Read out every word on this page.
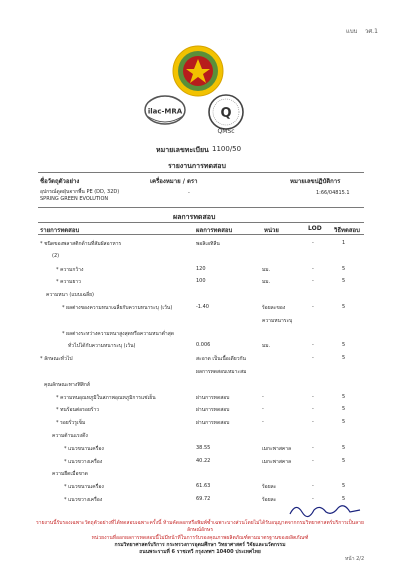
แบบ วศ.1
ilac-MRA	Q
QMSc
หมายเลขทะเบียน 1100/50
รายงานการทดสอบ
ชื่อวัตถุตัวอย่าง	เครื่องหมาย / ตรา	หมายเลขปฏิบัติการ
อุปกรณ์ดูดฝุ่นจากพื้น PE (DD, 32D)
SPRING GREEN EVOLUTION
-	1:66/04815.1
ผลการทดสอบ
รายการทดสอบ	ผลการทดสอบ	หน่วย	LOD วิธีทดสอบ
* ชนิดของพลาสติกด้านที่สัมผัสอาหาร	พอลิเอทิลีน	-	1
(2)
* ความกว้าง	120	มม.	-	5
* ความยาว	100	มม.	-	5
ความหนา (แบบเฉลี่ย)
* ผลต่างของความหนาเฉลี่ยกับความหนาระบุ (เว้น)	-1.40	ร้อยละของ	-	5
ความหนาระบุ
* ผลต่างระหว่างความหนาสูงสุดหรือความหนาต่ำสุด
ทั่วไปได้กับความหนาระบุ (เว้น)	0.006	มม.	-	5
* ลักษณะทั่วไป	สะอาด เป็นเนื้อเดียวกัน	-	5
ผลการทดสอบเหมาะสม
คุณลักษณะทางฟิสิกส์
* ความทนอุณหภูมิในสภาพอุณหภูมิการแช่เย็น	ผ่านการทดสอบ	-	-	5
* ทนร้อนต่อรอยร้าว	ผ่านการทดสอบ	-	-	5
* รอยรั่วรูเข็ม	ผ่านการทดสอบ	-	-	5
ความต้านแรงดึง
* แนวขนานเครื่อง	38.55	เมกะพาสคาล	-	5
* แนวขวางเครื่อง	40.22	เมกะพาสคาล	-	5
ความยืดเมื่อขาด
* แนวขนานเครื่อง	61.63	ร้อยละ	-	5
* แนวขวางเครื่อง	69.72	ร้อยละ	-	5
รายงานนี้รับรองเฉพาะวัตถุตัวอย่างที่ได้ทดสอบเฉพาะครั้งนี้ ห้ามคัดลอกหรือพิมพ์ซ้ำเฉพาะบางส่วนโดยไม่ได้รับอนุญาตจากกรมวิทยาศาสตร์บริการเป็นลายลักษณ์อักษร
หน่วยงานที่ออกผลการทดสอบนี้ไม่มีหน้าที่ในการรับรองคุณภาพผลิตภัณฑ์ตามมาตรฐานของผลิตภัณฑ์
กรมวิทยาศาสตร์บริการ กระทรวงการอุดมศึกษา วิทยาศาสตร์ วิจัยและนวัตกรรม
ถนนพระรามที่ 6 ราชเทวี กรุงเทพฯ 10400 ประเทศไทย
หน้า 2/2
